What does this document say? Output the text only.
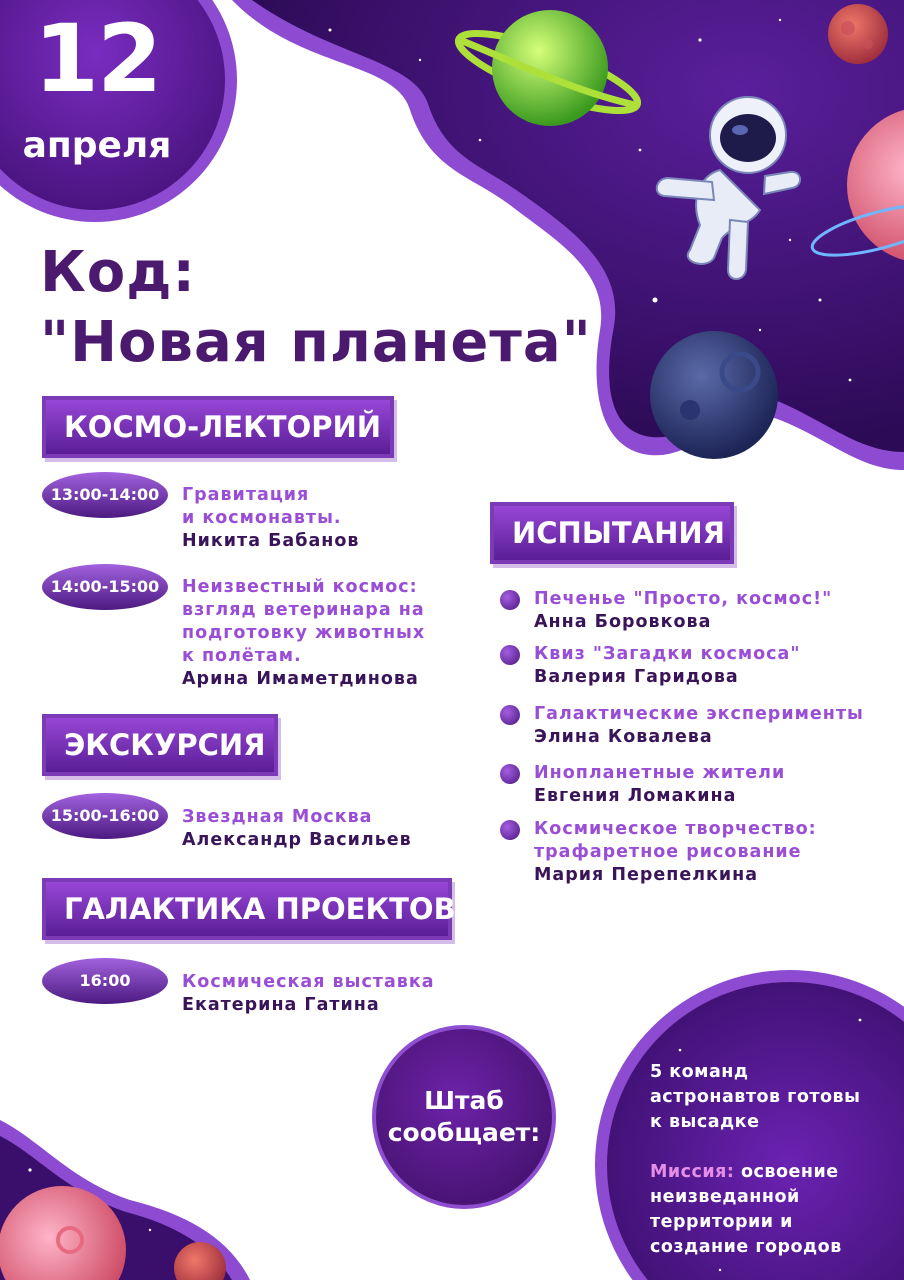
12
апреля
Код:
"Новая планета"
КОСМО-ЛЕКТОРИЙ
13:00-14:00	Гравитация
и космонавты.
Никита Бабанов
14:00-15:00	Неизвестный космос:
взгляд ветеринара на
подготовку животных
к полётам.
Арина Имаметдинова
ЭКСКУРСИЯ
15:00-16:00	Звездная Москва
Александр Васильев
ГАЛАКТИКА ПРОЕКТОВ
16:00	Космическая выставка
Екатерина Гатина
ИСПЫТАНИЯ
Печенье "Просто, космос!"
Анна Боровкова
Квиз "Загадки космоса"
Валерия Гаридова
Галактические эксперименты
Элина Ковалева
Инопланетные жители
Евгения Ломакина
Космическое творчество:
трафаретное рисование
Мария Перепелкина
Штаб
сообщает:
5 команд
астронавтов готовы
к высадке
Миссия: освоение
неизведанной
территории и
создание городов
